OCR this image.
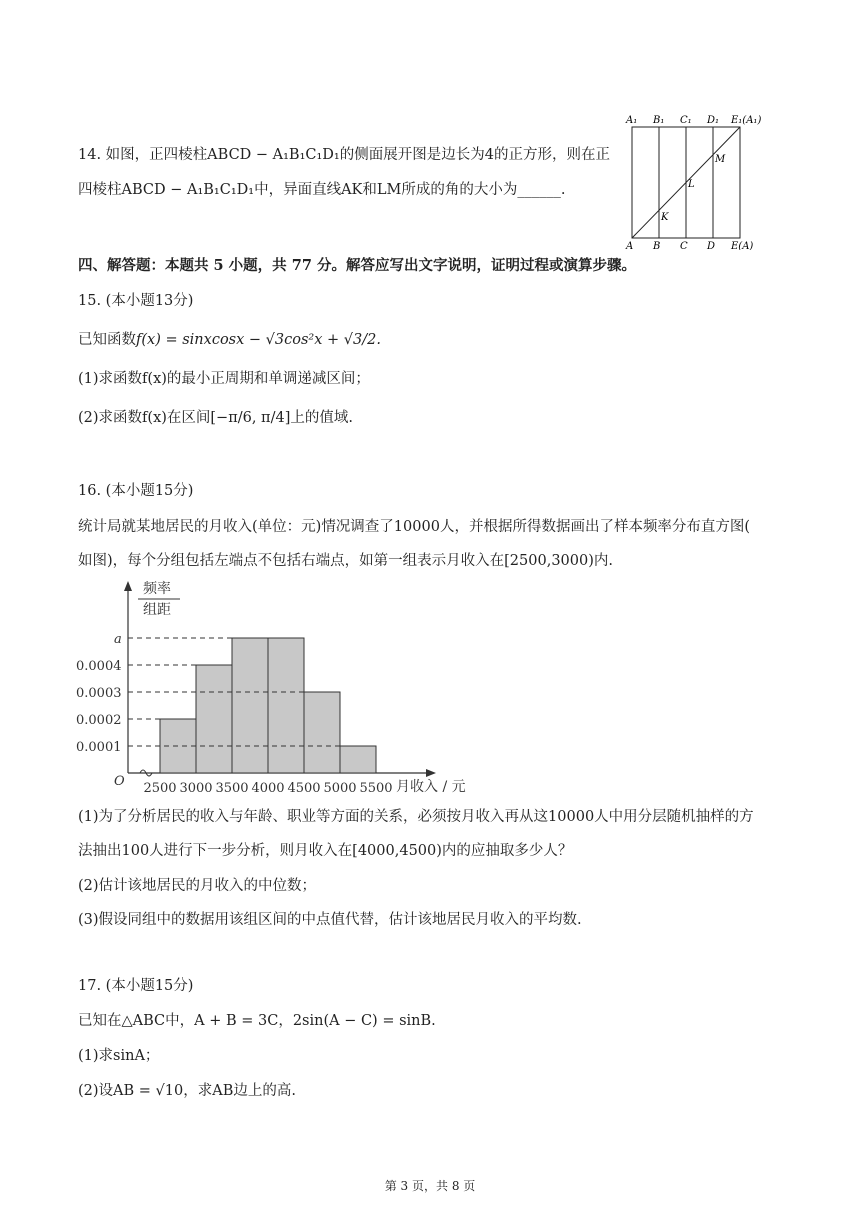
14. 如图，正四棱柱ABCD − A₁B₁C₁D₁的侧面展开图是边长为4的正方形，则在正
四棱柱ABCD − A₁B₁C₁D₁中，异面直线AK和LM所成的角的大小为______.
A₁ B₁ C₁ D₁ E₁(A₁)
A B C D E(A)
K
L
M
四、解答题：本题共 5 小题，共 77 分。解答应写出文字说明，证明过程或演算步骤。
15. (本小题13分)
已知函数f(x) = sinxcosx − √3cos²x + √3/2.
(1)求函数f(x)的最小正周期和单调递减区间；
(2)求函数f(x)在区间[−π/6, π/4]上的值域.
16. (本小题15分)
统计局就某地居民的月收入(单位：元)情况调查了10000人，并根据所得数据画出了样本频率分布直方图(
如图)，每个分组包括左端点不包括右端点，如第一组表示月收入在[2500,3000)内.
O
频率
组距
月收入 / 元
0.0001
0.0002
0.0003
0.0004
a
2500 3000 3500 4000 4500 5000 5500
(1)为了分析居民的收入与年龄、职业等方面的关系，必须按月收入再从这10000人中用分层随机抽样的方
法抽出100人进行下一步分析，则月收入在[4000,4500)内的应抽取多少人？
(2)估计该地居民的月收入的中位数；
(3)假设同组中的数据用该组区间的中点值代替，估计该地居民月收入的平均数.
17. (本小题15分)
已知在△ABC中，A + B = 3C，2sin(A − C) = sinB.
(1)求sinA；
(2)设AB = √10，求AB边上的高.
第 3 页，共 8 页
